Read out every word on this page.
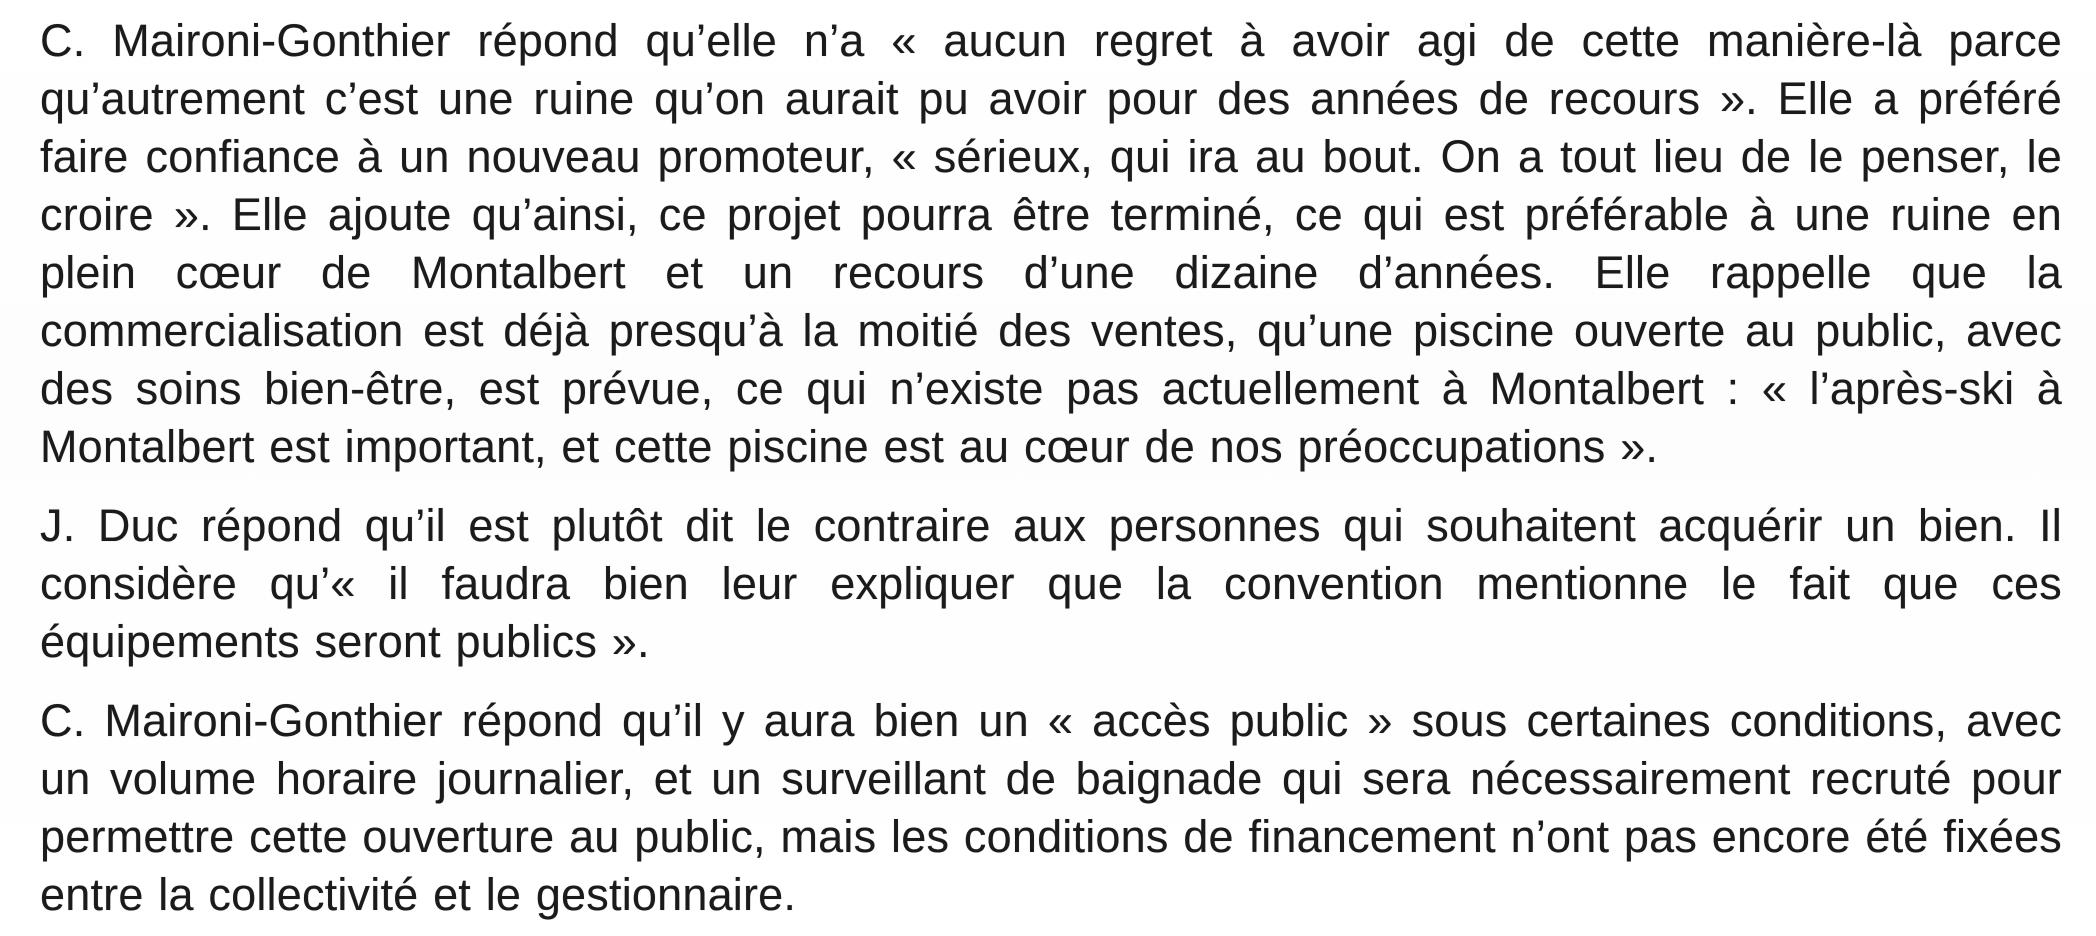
C. Maironi-Gonthier répond qu’elle n’a « aucun regret à avoir agi de cette manière-là parce qu’autrement c’est une ruine qu’on aurait pu avoir pour des années de recours ». Elle a préféré faire confiance à un nouveau promoteur, « sérieux, qui ira au bout. On a tout lieu de le penser, le croire ». Elle ajoute qu’ainsi, ce projet pourra être terminé, ce qui est préférable à une ruine en plein cœur de Montalbert et un recours d’une dizaine d’années. Elle rappelle que la commercialisation est déjà presqu’à la moitié des ventes, qu’une piscine ouverte au public, avec des soins bien-être, est prévue, ce qui n’existe pas actuellement à Montalbert : « l’après-ski à Montalbert est important, et cette piscine est au cœur de nos préoccupations ».

J. Duc répond qu’il est plutôt dit le contraire aux personnes qui souhaitent acquérir un bien. Il considère qu’« il faudra bien leur expliquer que la convention mentionne le fait que ces équipements seront publics ».

C. Maironi-Gonthier répond qu’il y aura bien un « accès public » sous certaines conditions, avec un volume horaire journalier, et un surveillant de baignade qui sera nécessairement recruté pour permettre cette ouverture au public, mais les conditions de financement n’ont pas encore été fixées entre la collectivité et le gestionnaire.
